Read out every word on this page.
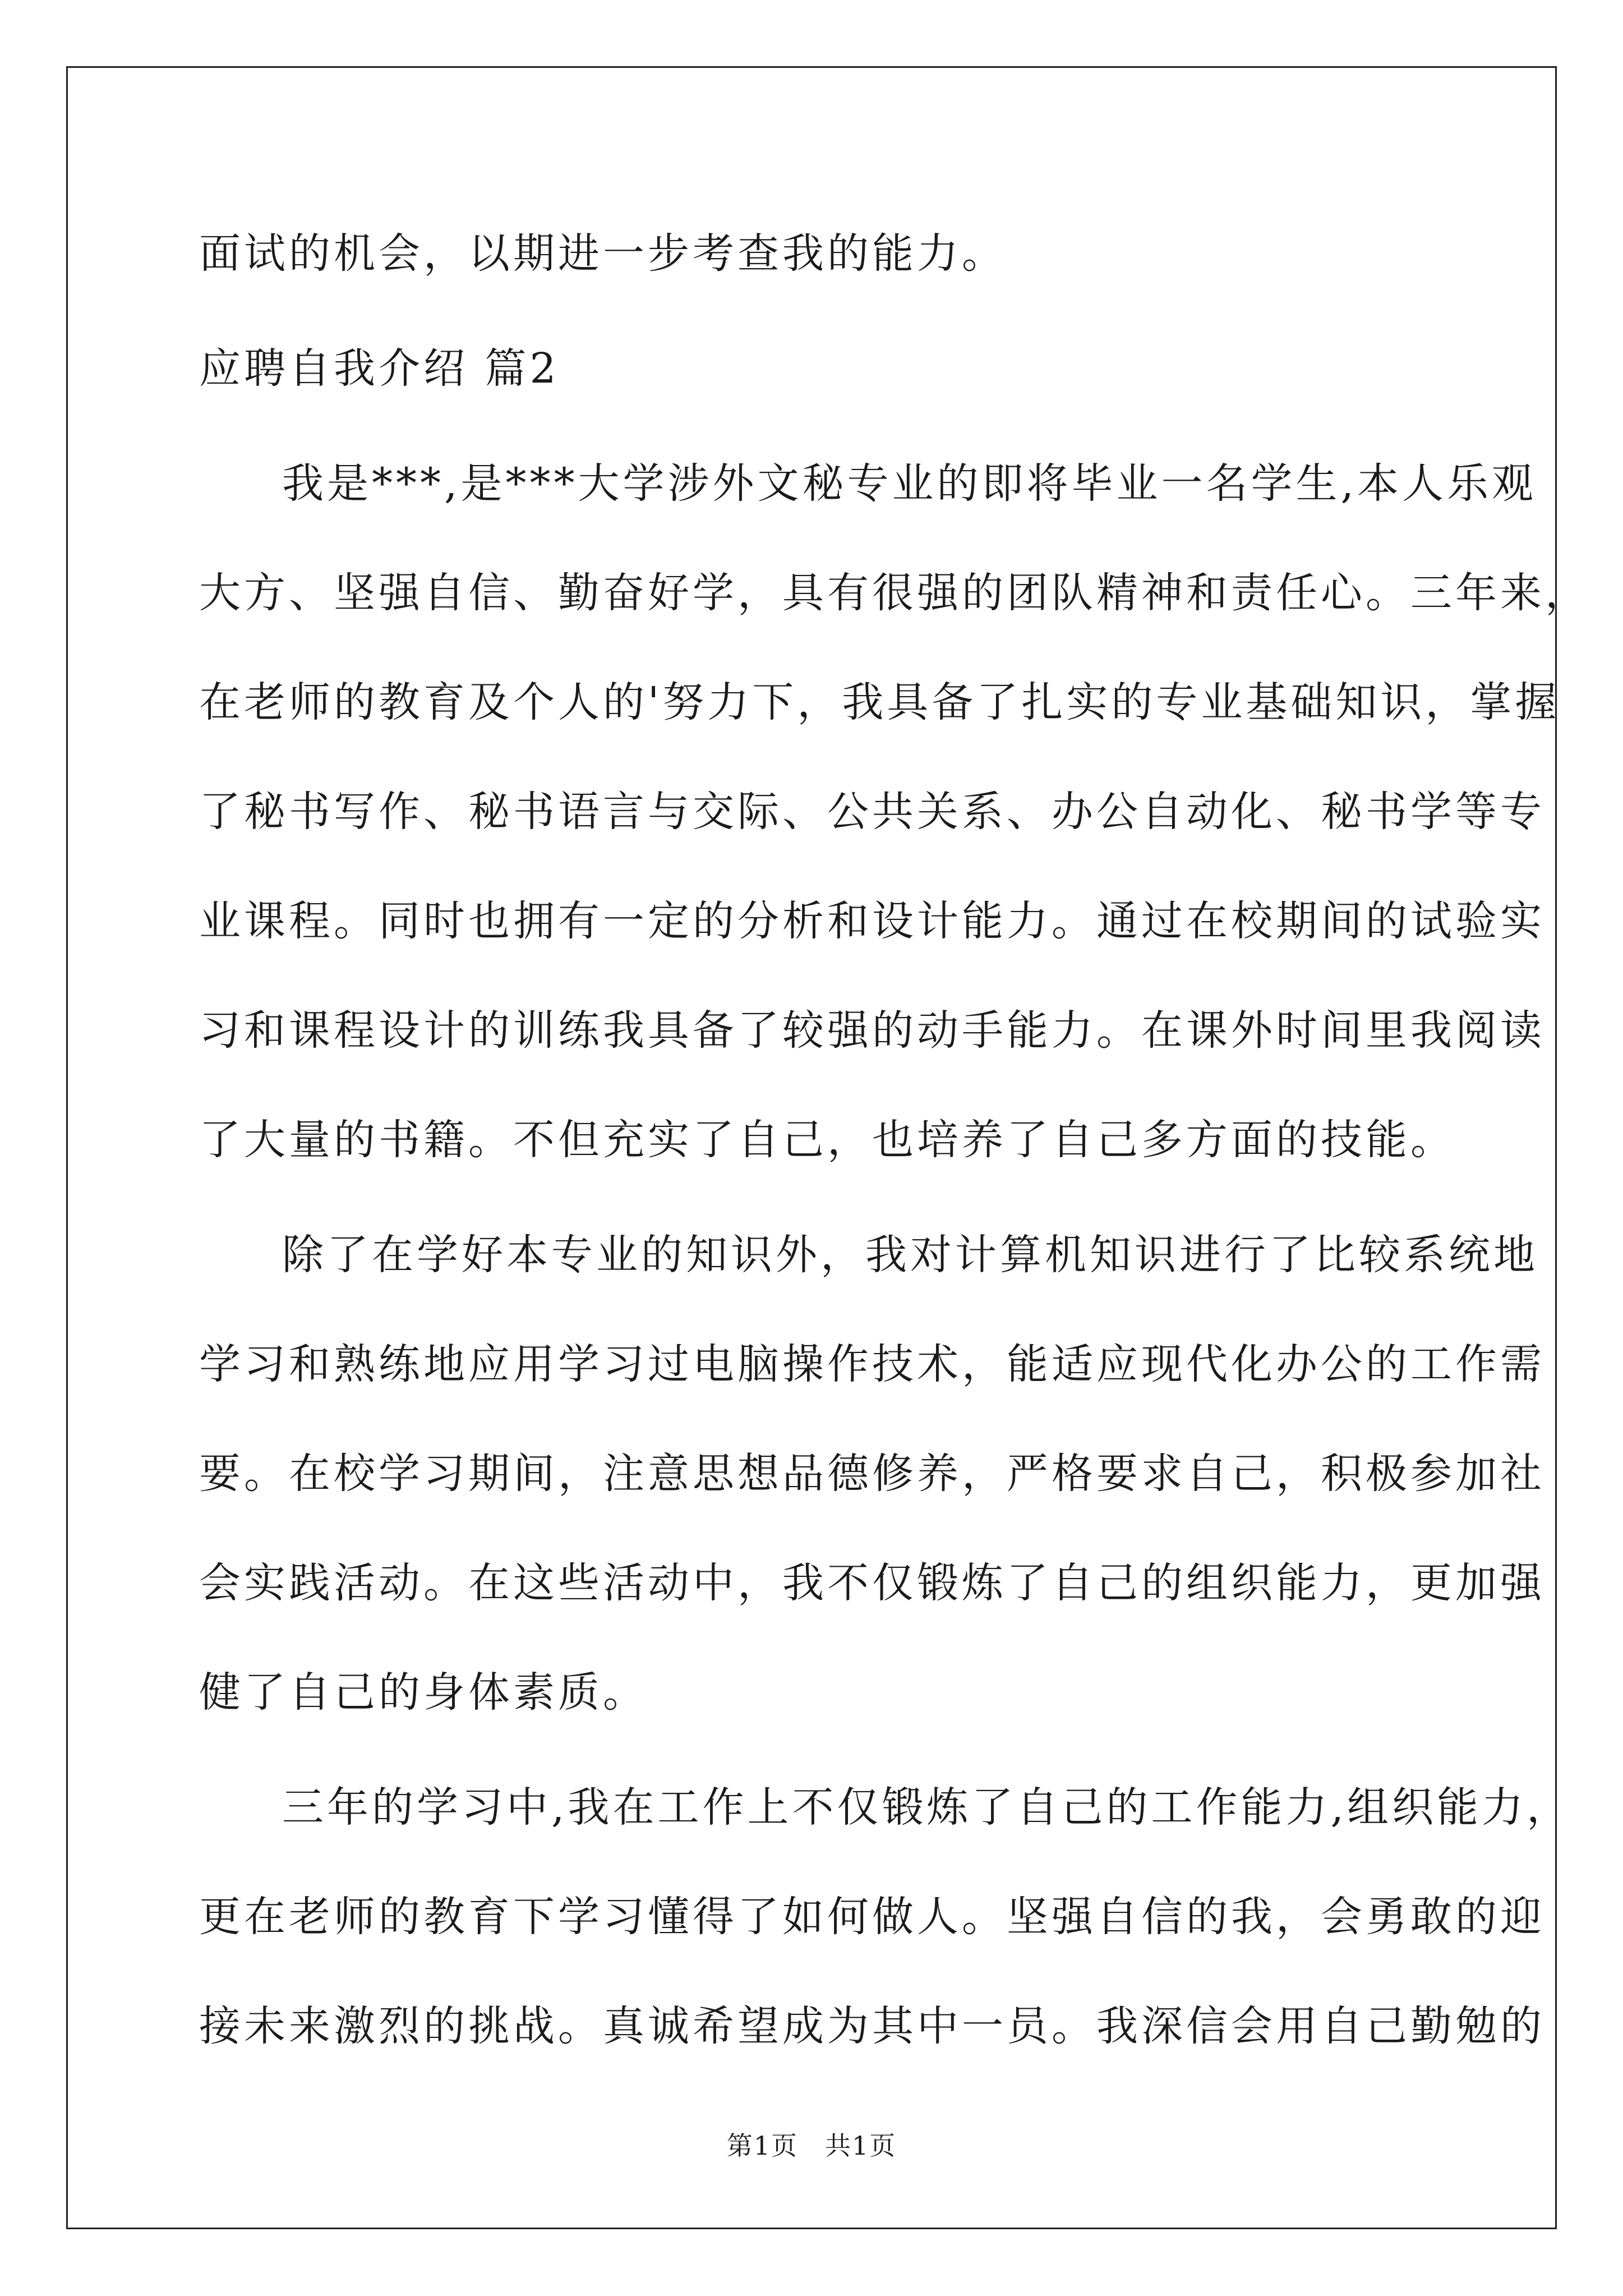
面试的机会，以期进一步考查我的能力。
应聘自我介绍 篇2
我是***,是***大学涉外文秘专业的即将毕业一名学生,本人乐观
大方、坚强自信、勤奋好学，具有很强的团队精神和责任心。三年来，
在老师的教育及个人的'努力下，我具备了扎实的专业基础知识，掌握
了秘书写作、秘书语言与交际、公共关系、办公自动化、秘书学等专
业课程。同时也拥有一定的分析和设计能力。通过在校期间的试验实
习和课程设计的训练我具备了较强的动手能力。在课外时间里我阅读
了大量的书籍。不但充实了自己，也培养了自己多方面的技能。
除了在学好本专业的知识外，我对计算机知识进行了比较系统地
学习和熟练地应用学习过电脑操作技术，能适应现代化办公的工作需
要。在校学习期间，注意思想品德修养，严格要求自己，积极参加社
会实践活动。在这些活动中，我不仅锻炼了自己的组织能力，更加强
健了自己的身体素质。
三年的学习中,我在工作上不仅锻炼了自己的工作能力,组织能力，
更在老师的教育下学习懂得了如何做人。坚强自信的我，会勇敢的迎
接未来激烈的挑战。真诚希望成为其中一员。我深信会用自己勤勉的
第1页　共1页
